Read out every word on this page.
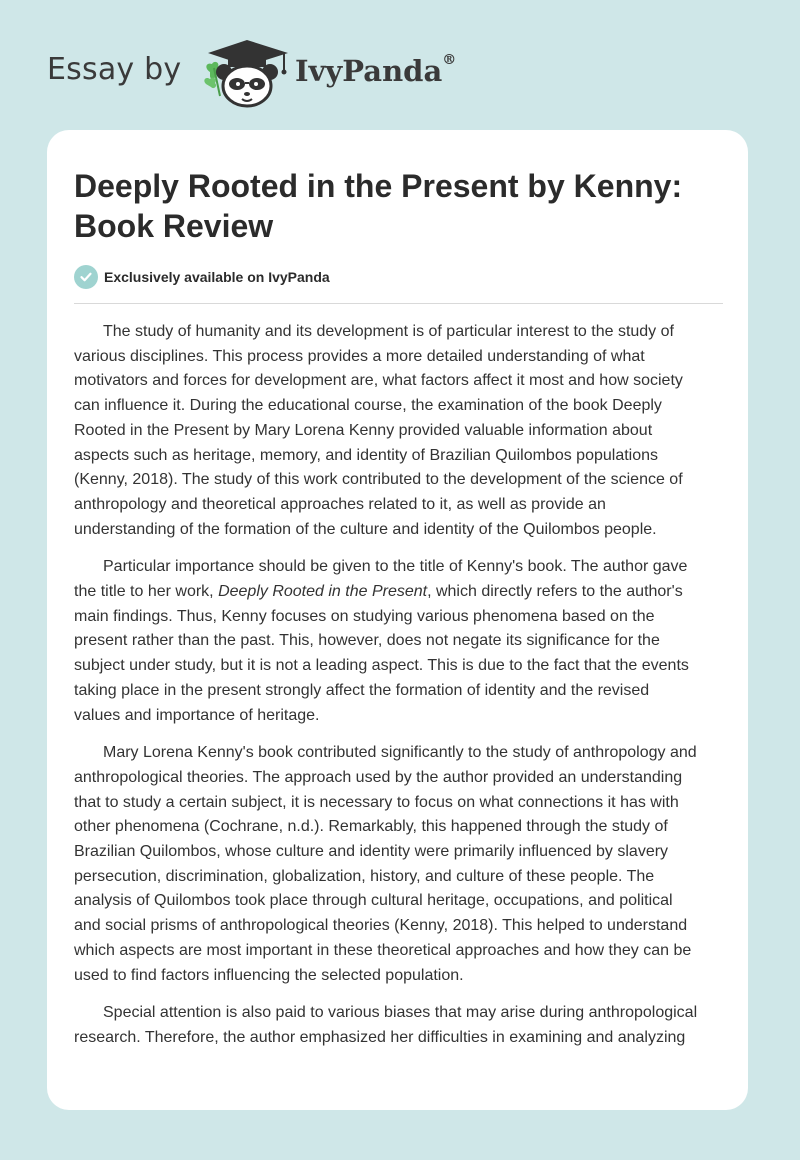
Essay by	IvyPanda®
Deeply Rooted in the Present by Kenny:
Book Review
Exclusively available on IvyPanda

The study of humanity and its development is of particular interest to the study of
various disciplines. This process provides a more detailed understanding of what
motivators and forces for development are, what factors affect it most and how society
can influence it. During the educational course, the examination of the book Deeply
Rooted in the Present by Mary Lorena Kenny provided valuable information about
aspects such as heritage, memory, and identity of Brazilian Quilombos populations
(Kenny, 2018). The study of this work contributed to the development of the science of
anthropology and theoretical approaches related to it, as well as provide an
understanding of the formation of the culture and identity of the Quilombos people.

Particular importance should be given to the title of Kenny's book. The author gave
the title to her work, Deeply Rooted in the Present, which directly refers to the author's
main findings. Thus, Kenny focuses on studying various phenomena based on the
present rather than the past. This, however, does not negate its significance for the
subject under study, but it is not a leading aspect. This is due to the fact that the events
taking place in the present strongly affect the formation of identity and the revised
values and importance of heritage.

Mary Lorena Kenny's book contributed significantly to the study of anthropology and
anthropological theories. The approach used by the author provided an understanding
that to study a certain subject, it is necessary to focus on what connections it has with
other phenomena (Cochrane, n.d.). Remarkably, this happened through the study of
Brazilian Quilombos, whose culture and identity were primarily influenced by slavery
persecution, discrimination, globalization, history, and culture of these people. The
analysis of Quilombos took place through cultural heritage, occupations, and political
and social prisms of anthropological theories (Kenny, 2018). This helped to understand
which aspects are most important in these theoretical approaches and how they can be
used to find factors influencing the selected population.

Special attention is also paid to various biases that may arise during anthropological
research. Therefore, the author emphasized her difficulties in examining and analyzing
